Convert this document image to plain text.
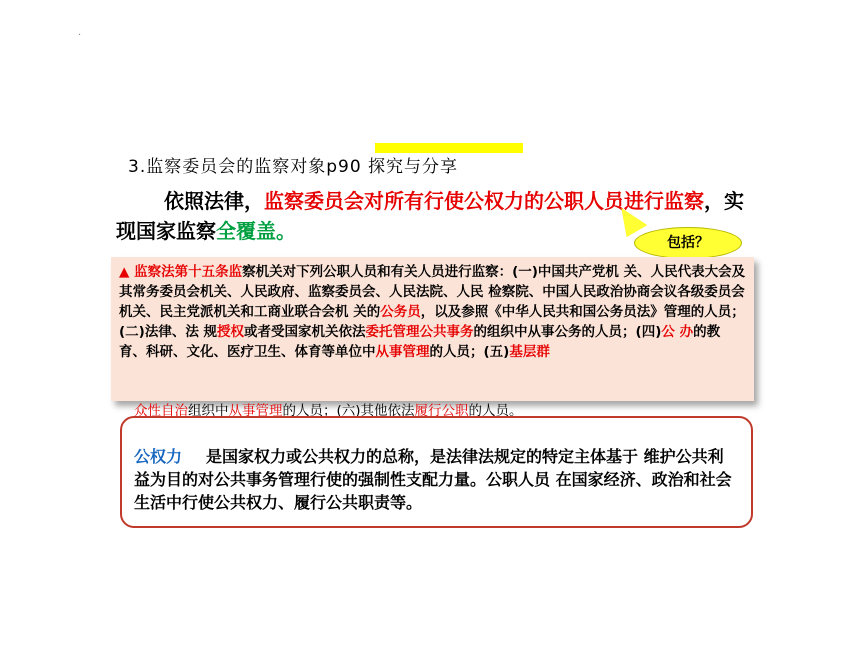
·
3.监察委员会的监察对象p90 探究与分享
依照法律，监察委员会对所有行使公权力的公职人员进行监察，实现国家监察全覆盖。	包括？
▲ 监察法第十五条监察机关对下列公职人员和有关人员进行监察：(一)中国共产党机 关、人民代表大会及其常务委员会机关、人民政府、监察委员会、人民法院、人民 检察院、中国人民政治协商会议各级委员会机关、民主党派机关和工商业联合会机 关的公务员，以及参照《中华人民共和国公务员法》管理的人员；(二)法律、法 规授权或者受国家机关依法委托管理公共事务的组织中从事公务的人员；(四)公 办的教育、科研、文化、医疗卫生、体育等单位中从事管理的人员；(五)基层群
众性自治组织中从事管理的人员；(六)其他依法履行公职的人员。
公权力 是国家权力或公共权力的总称，是法律法规定的特定主体基于 维护公共利益为目的对公共事务管理行使的强制性支配力量。公职人员 在国家经济、政治和社会生活中行使公共权力、履行公共职责等。
